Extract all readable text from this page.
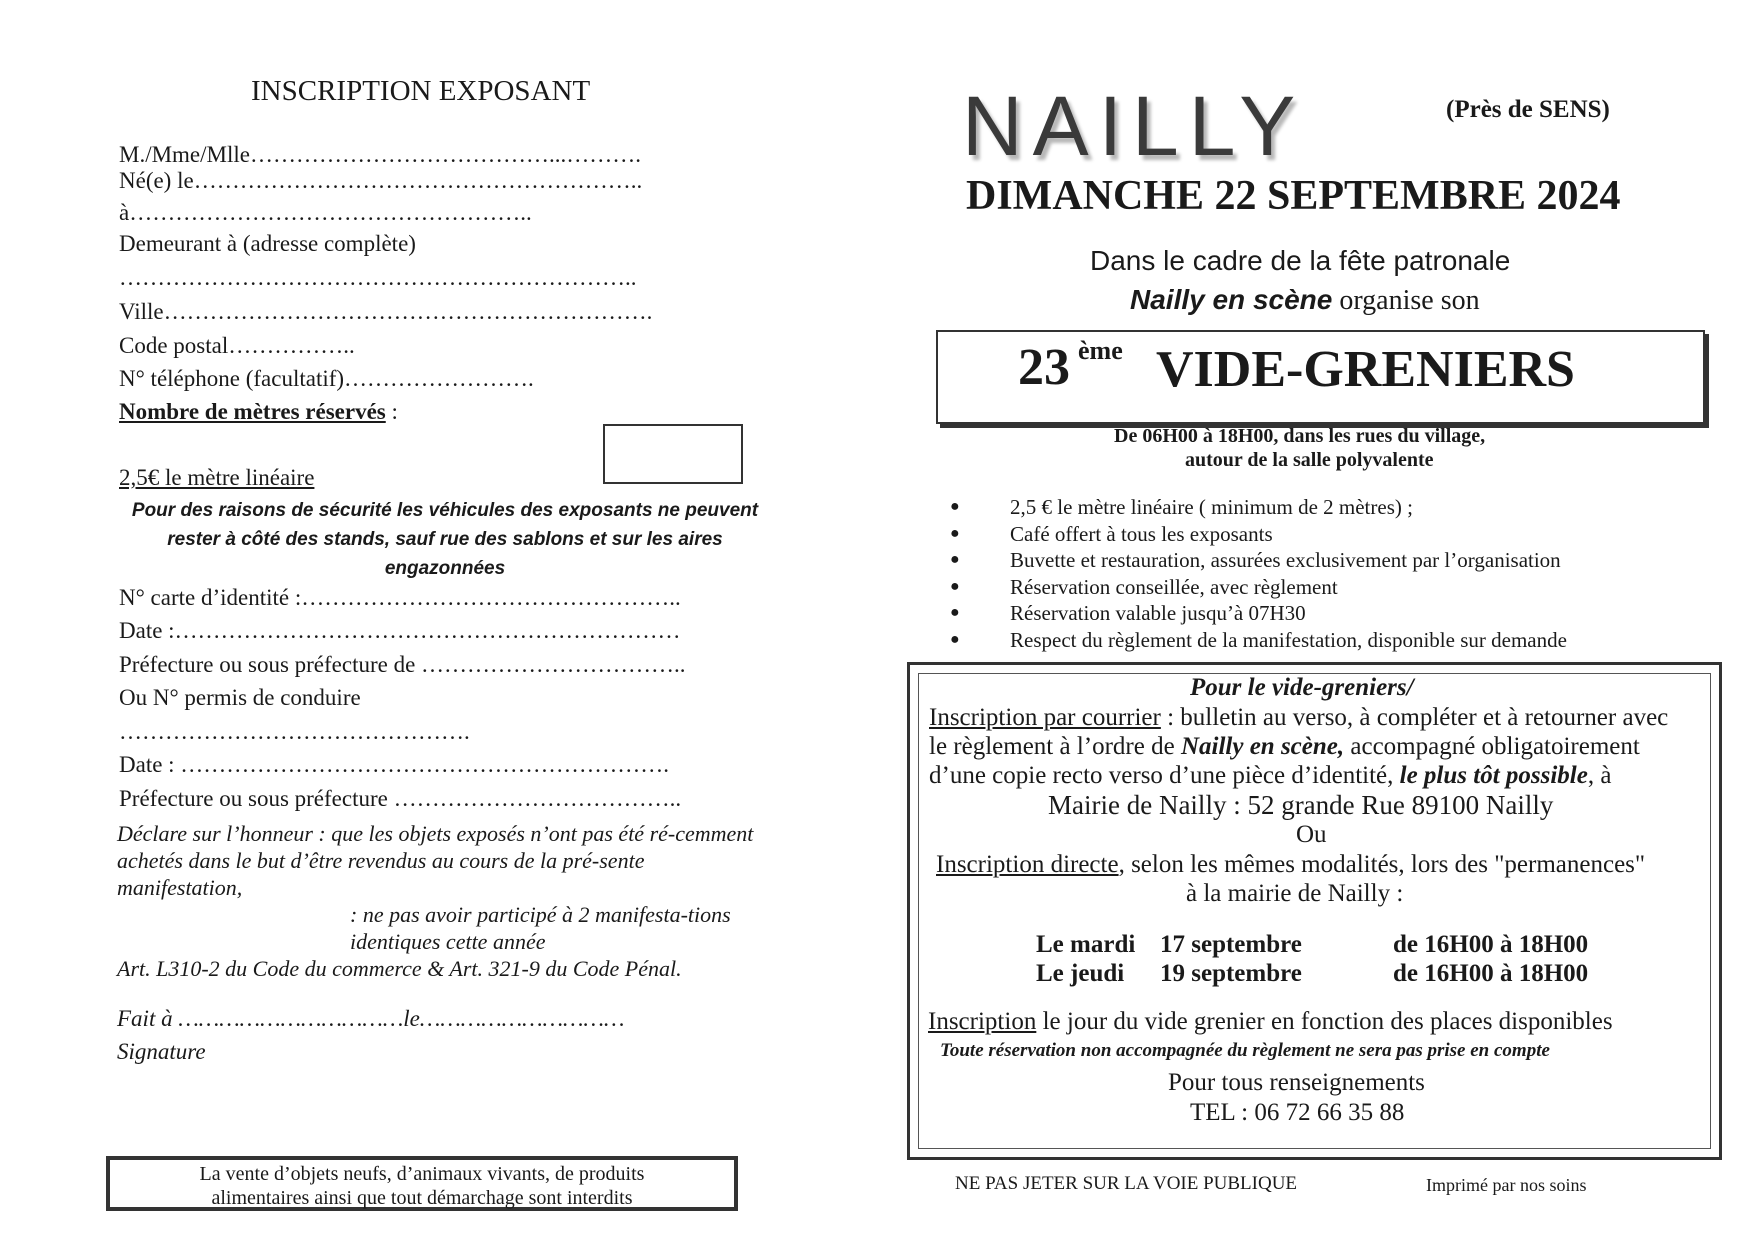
INSCRIPTION EXPOSANT
M./Mme/Mlle…………………………………...……….
Né(e) le…………………………………………………..
à……………………………………………..
Demeurant à (adresse complète)
…………………………………………………………..
Ville……………………………………………………….
Code postal……………..
N° téléphone (facultatif)…………………….
Nombre de mètres réservés :
2,5€ le mètre linéaire
Pour des raisons de sécurité les véhicules des exposants ne peuvent rester à côté des stands, sauf rue des sablons et sur les aires engazonnées
N° carte d’identité :…………………………………………..
Date :…………………………………………………………
Préfecture ou sous préfecture de ……………………………..
Ou N° permis de conduire
……………………………………….
Date : ……………………………………………………….
Préfecture ou sous préfecture ………………………………..
Déclare sur l’honneur : que les objets exposés n’ont pas été ré-cemment achetés dans le but d’être revendus au cours de la pré-sente manifestation,
: ne pas avoir participé à 2 manifesta-tions identiques cette année
Art. L310-2 du Code du commerce & Art. 321-9 du Code Pénal.
Fait à ……………………………le…………………………
Signature
La vente d’objets neufs, d’animaux vivants, de produits
alimentaires ainsi que tout démarchage sont interdits
NAILLY	(Près de SENS)
DIMANCHE 22 SEPTEMBRE 2024
Dans le cadre de la fête patronale
Nailly en scène organise son
23 ème VIDE-GRENIERS
De 06H00 à 18H00, dans les rues du village,
autour de la salle polyvalente
● 2,5 € le mètre linéaire ( minimum de 2 mètres) ;
● Café offert à tous les exposants
● Buvette et restauration, assurées exclusivement par l’organisation
● Réservation conseillée, avec règlement
● Réservation valable jusqu’à 07H30
● Respect du règlement de la manifestation, disponible sur demande
Pour le vide-greniers/
Inscription par courrier : bulletin au verso, à compléter et à retourner avec
le règlement à l’ordre de Nailly en scène, accompagné obligatoirement
d’une copie recto verso d’une pièce d’identité, le plus tôt possible, à
Mairie de Nailly : 52 grande Rue 89100 Nailly
Ou
Inscription directe, selon les mêmes modalités, lors des "permanences"
à la mairie de Nailly :
Le mardi 17 septembre	de 16H00 à 18H00
Le jeudi 19 septembre	de 16H00 à 18H00
Inscription le jour du vide grenier en fonction des places disponibles
Toute réservation non accompagnée du règlement ne sera pas prise en compte
Pour tous renseignements
TEL : 06 72 66 35 88
NE PAS JETER SUR LA VOIE PUBLIQUE	Imprimé par nos soins
